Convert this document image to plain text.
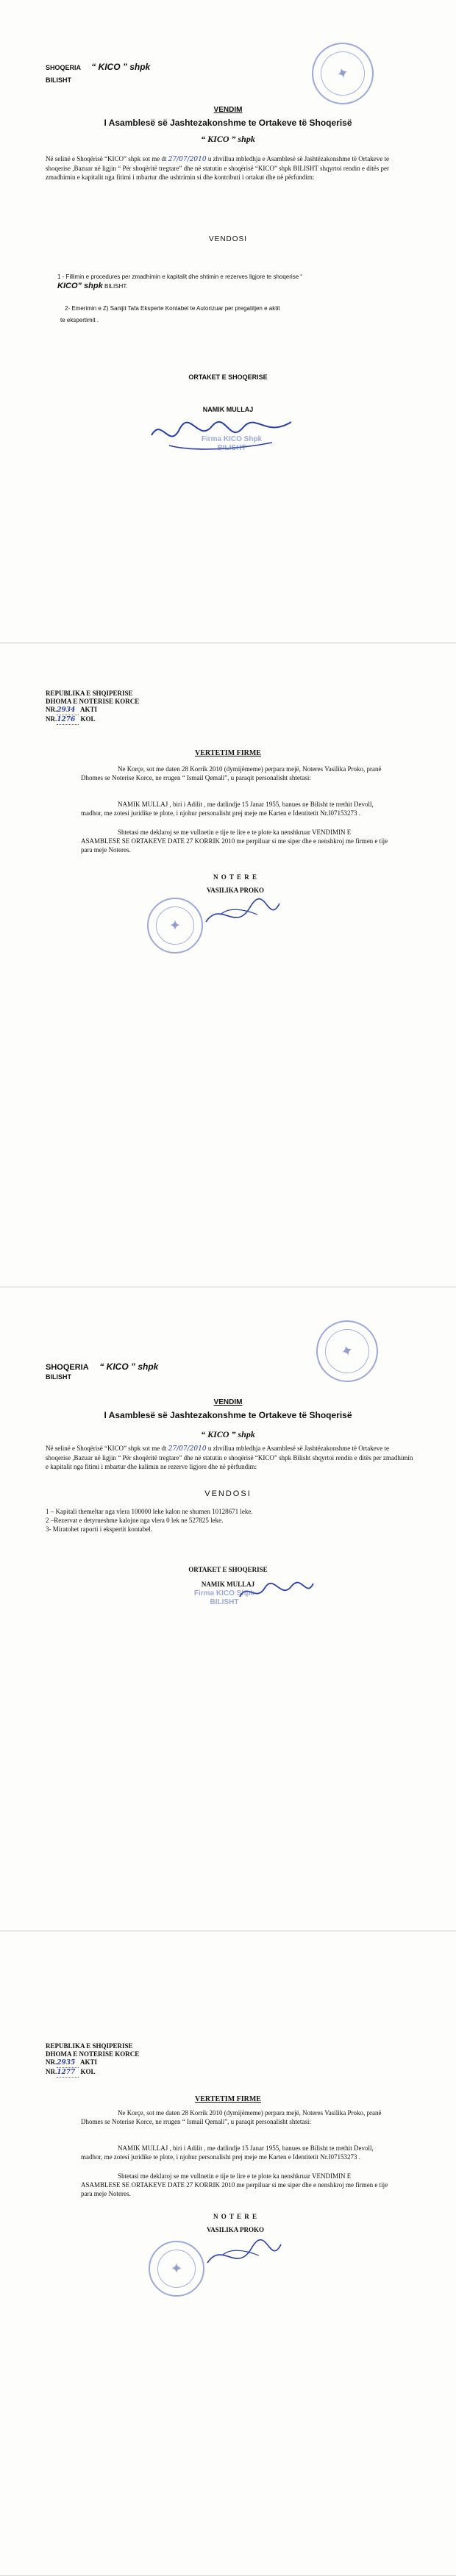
SHOQERIA “ KICO ” shpk
BILISHT	✦
VENDIM
I Asamblesë së Jashtezakonshme te Ortakeve të Shoqerisë
“ KICO ” shpk
Në selinë e Shoqërisë “KICO” shpk sot me dt 27/07/2010 u zhvillua mbledhja e Asamblesë së Jashtëzakonshme të Ortakeve te shoqerise ,Bazuar në ligjin “ Për shoqëritë tregtare” dhe në statutin e shoqërisë “KICO” shpk BILISHT shqyrtoi rendin e ditës per zmadhimin e kapitalit nga fitimi i mbartur dhe ushtrimin si dhe kontributi i ortakut dhe në përfundim:
VENDOSI
1 - Fillimin e procedures per zmadhimin e kapitalit dhe shtimin e rezerves ligjore te shoqerise “
KICO” shpk BILISHT.
2- Emerimin e Z) Sanijit Tafa Eksperte Kontabel te Autorizuar per pregatitjen e aktit
te ekspertimit .
ORTAKET E SHOQERISE
NAMIK MULLAJ
Firma KICO Shpk BILISHT
REPUBLIKA E SHQIPERISE
DHOMA E NOTERISE KORCE
NR.2934 AKTI
NR.1276 KOL
VERTETIM FIRME
Ne Korçe, sot me daten 28 Korrik 2010 (dymijëmeme) perpara mejë, Noteres Vasilika Proko, pranë Dhomes se Noterise Korce, ne rrugen “ Ismail Qemali”, u paraqit personalisht shtetasi:
NAMIK MULLAJ , biri i Adilit , me datlindje 15 Janar 1955, banues ne Bilisht te rrethit Devoll, madhor, me zotesi juridike te plote, i njohur personalisht prej meje me Karten e Identitetit Nr.I07153273 .
Shtetasi me deklaroj se me vullnetin e tije te lire e te plote ka nenshkruar VENDIMIN E ASAMBLESE SE ORTAKEVE DATE 27 KORRIK 2010 me perpiluar si me siper dhe e nenshkroj me firmen e tije para meje Noteres.
N O T E R E
VASILIKA PROKO
✦
✦
SHOQERIA “ KICO ” shpk
BILISHT
VENDIM
I Asamblesë së Jashtezakonshme te Ortakeve të Shoqerisë
“ KICO ” shpk
Në selinë e Shoqërisë “KICO” shpk sot me dt 27/07/2010 u zhvillua mbledhja e Asamblesë së Jashtëzakonshme të Ortakeve te shoqerise ,Bazuar në ligjin “ Për shoqëritë tregtare” dhe në statutin e shoqërisë “KICO” shpk Bilisht shqyrtoi rendin e ditës per zmadhimin e kapitalit nga fitimi i mbartur dhe kalimin ne rezerve ligjore dhe në përfundim:
VENDOSI
1 – Kapitali themeltar nga vlera 100000 leke kalon ne shumen 10128671 leke.
2 –Rezervat e detyrueshme kalojne nga vlera 0 lek ne 527825 leke.
3- Miratohet raporti i ekspertit kontabel.
ORTAKET E SHOQERISE
NAMIK MULLAJ
Firma KICO Shpk BILISHT
REPUBLIKA E SHQIPERISE
DHOMA E NOTERISE KORCE
NR.2935 AKTI
NR.1277 KOL
VERTETIM FIRME
Ne Korçe, sot me daten 28 Korrik 2010 (dymijëmeme) perpara mejë, Noteres Vasilika Proko, pranë Dhomes se Noterise Korce, ne rrugen “ Ismail Qemali”, u paraqit personalisht shtetasi:
NAMIK MULLAJ , biri i Adilit , me datlindje 15 Janar 1955, banues ne Bilisht te rrethit Devoll, madhor, me zotesi juridike te plote, i njohur personalisht prej meje me Karten e Identitetit Nr.I07153273 .
Shtetasi me deklaroj se me vullnetin e tije te lire e te plote ka nenshkruar VENDIMIN E ASAMBLESE SE ORTAKEVE DATE 27 KORRIK 2010 me perpiluar si me siper dhe e nenshkroj me firmen e tije para meje Noteres.
N O T E R E
VASILIKA PROKO
✦
